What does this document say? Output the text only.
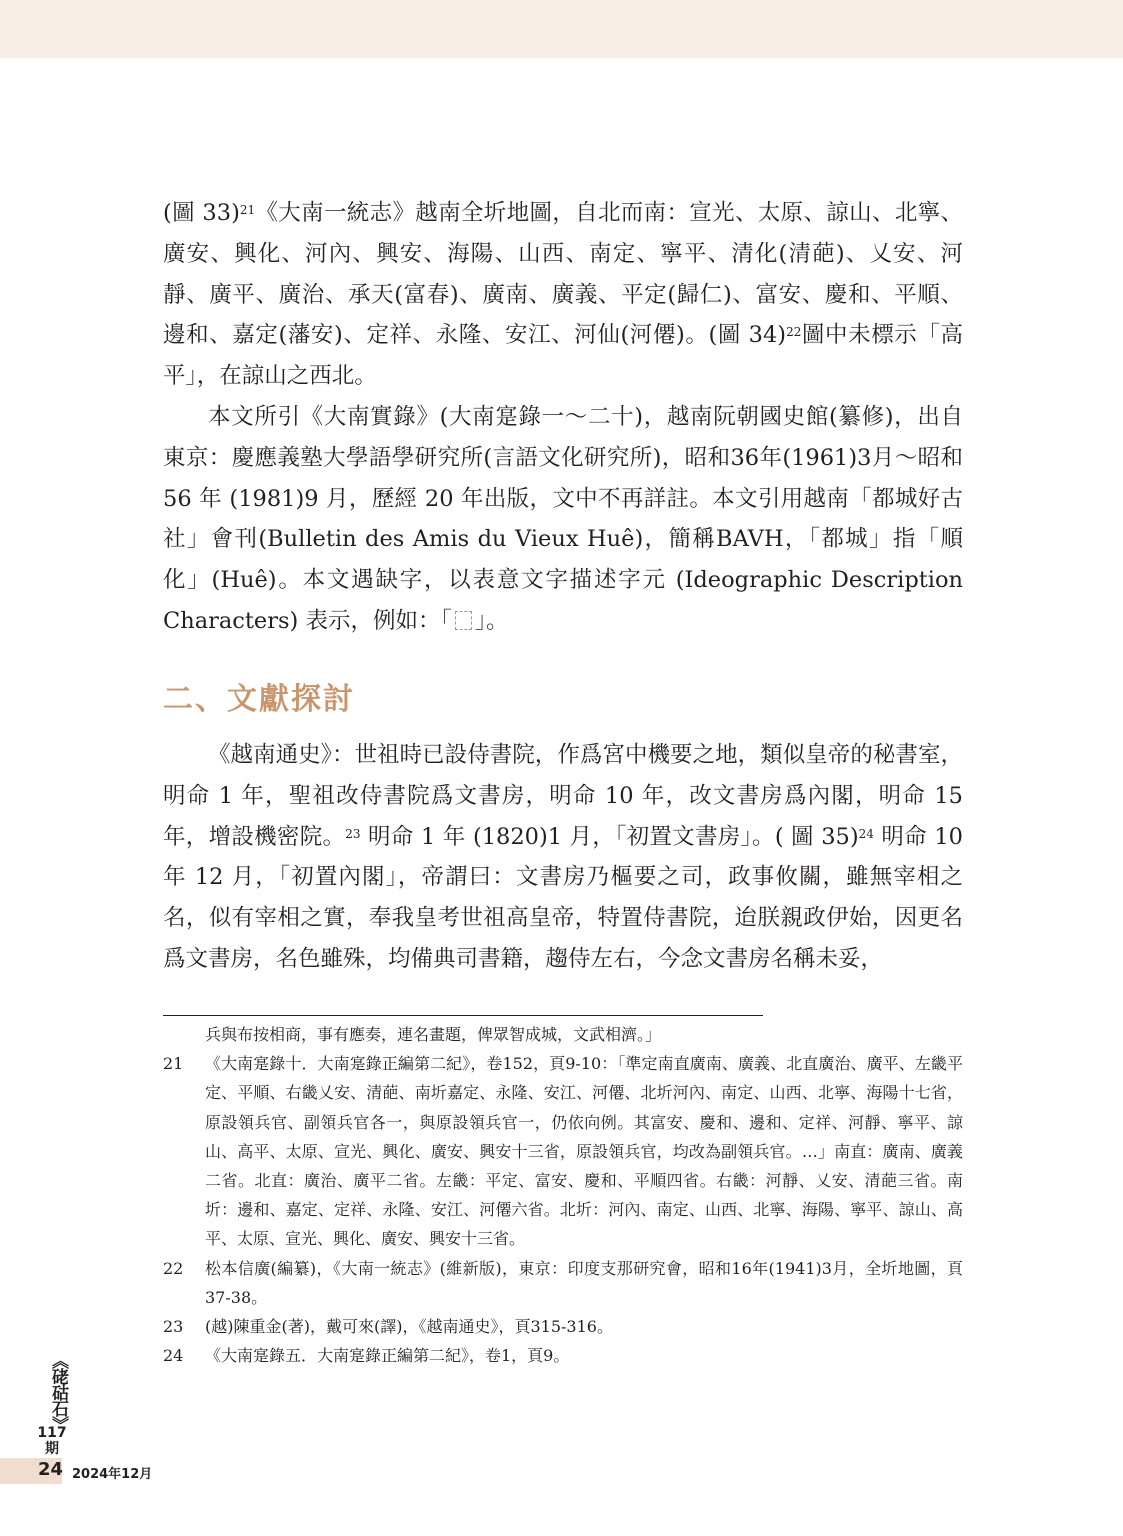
(圖 33)$^{21}$《大南一統志》越南全圻地圖，自北而南：宣光、太原、諒山、北寧、廣安、興化、河內、興安、海陽、山西、南定、寧平、清化(清葩)、乂安、河靜、廣平、廣治、承天(富春)、廣南、廣義、平定(歸仁)、富安、慶和、平順、邊和、嘉定(藩安)、定祥、永隆、安江、河仙(河僊)。(圖 34)$^{22}$圖中未標示「高平」，在諒山之西北。

本文所引《大南實錄》(大南寔錄一～二十)，越南阮朝國史館(纂修)，出自東京：慶應義塾大學語學研究所(言語文化研究所)，昭和36年(1961)3月～昭和 56 年 (1981)9 月，歷經 20 年出版，文中不再詳註。本文引用越南「都城好古社」會刊(Bulletin des Amis du Vieux Huê)，簡稱BAVH，「都城」指「順化」(Huê)。本文遇缺字，以表意文字描述字元 (Ideographic Description Characters) 表示，例如：「 」。

二、文獻探討

《越南通史》：世祖時已設侍書院，作爲宮中機要之地，類似皇帝的秘書室，明命 1 年，聖祖改侍書院爲文書房，明命 10 年，改文書房爲內閣，明命 15 年，增設機密院。$^{23}$ 明命 1 年 (1820)1 月，「初置文書房」。( 圖 35)$^{24}$ 明命 10 年 12 月，「初置內閣」，帝謂曰：文書房乃樞要之司，政事攸關，雖無宰相之名，似有宰相之實，奉我皇考世祖高皇帝，特置侍書院，迨朕親政伊始，因更名爲文書房，名色雖殊，均備典司書籍，趨侍左右，今念文書房名稱未妥，

兵與布按相商，事有應奏，連名畫題，俾眾智成城，文武相濟。」
21	《大南寔錄十．大南寔錄正編第二紀》，卷152，頁9-10：「準定南直廣南、廣義、北直廣治、廣平、左畿平定、平順、右畿乂安、清葩、南圻嘉定、永隆、安江、河僊、北圻河內、南定、山西、北寧、海陽十七省，原設領兵官、副領兵官各一，與原設領兵官一，仍依向例。其富安、慶和、邊和、定祥、河靜、寧平、諒山、高平、太原、宣光、興化、廣安、興安十三省，原設領兵官，均改為副領兵官。…」南直：廣南、廣義二省。北直：廣治、廣平二省。左畿：平定、富安、慶和、平順四省。右畿：河靜、乂安、清葩三省。南圻：邊和、嘉定、定祥、永隆、安江、河僊六省。北圻：河內、南定、山西、北寧、海陽、寧平、諒山、高平、太原、宣光、興化、廣安、興安十三省。
22	松本信廣(編纂)，《大南一統志》(維新版)，東京：印度支那研究會，昭和16年(1941)3月，全圻地圖，頁37-38。
23	(越)陳重金(著)，戴可來(譯)，《越南通史》，頁315-316。
24	《大南寔錄五．大南寔錄正編第二紀》，卷1，頁9。
《硓𥑮石》
117
期
24 2024年12月
